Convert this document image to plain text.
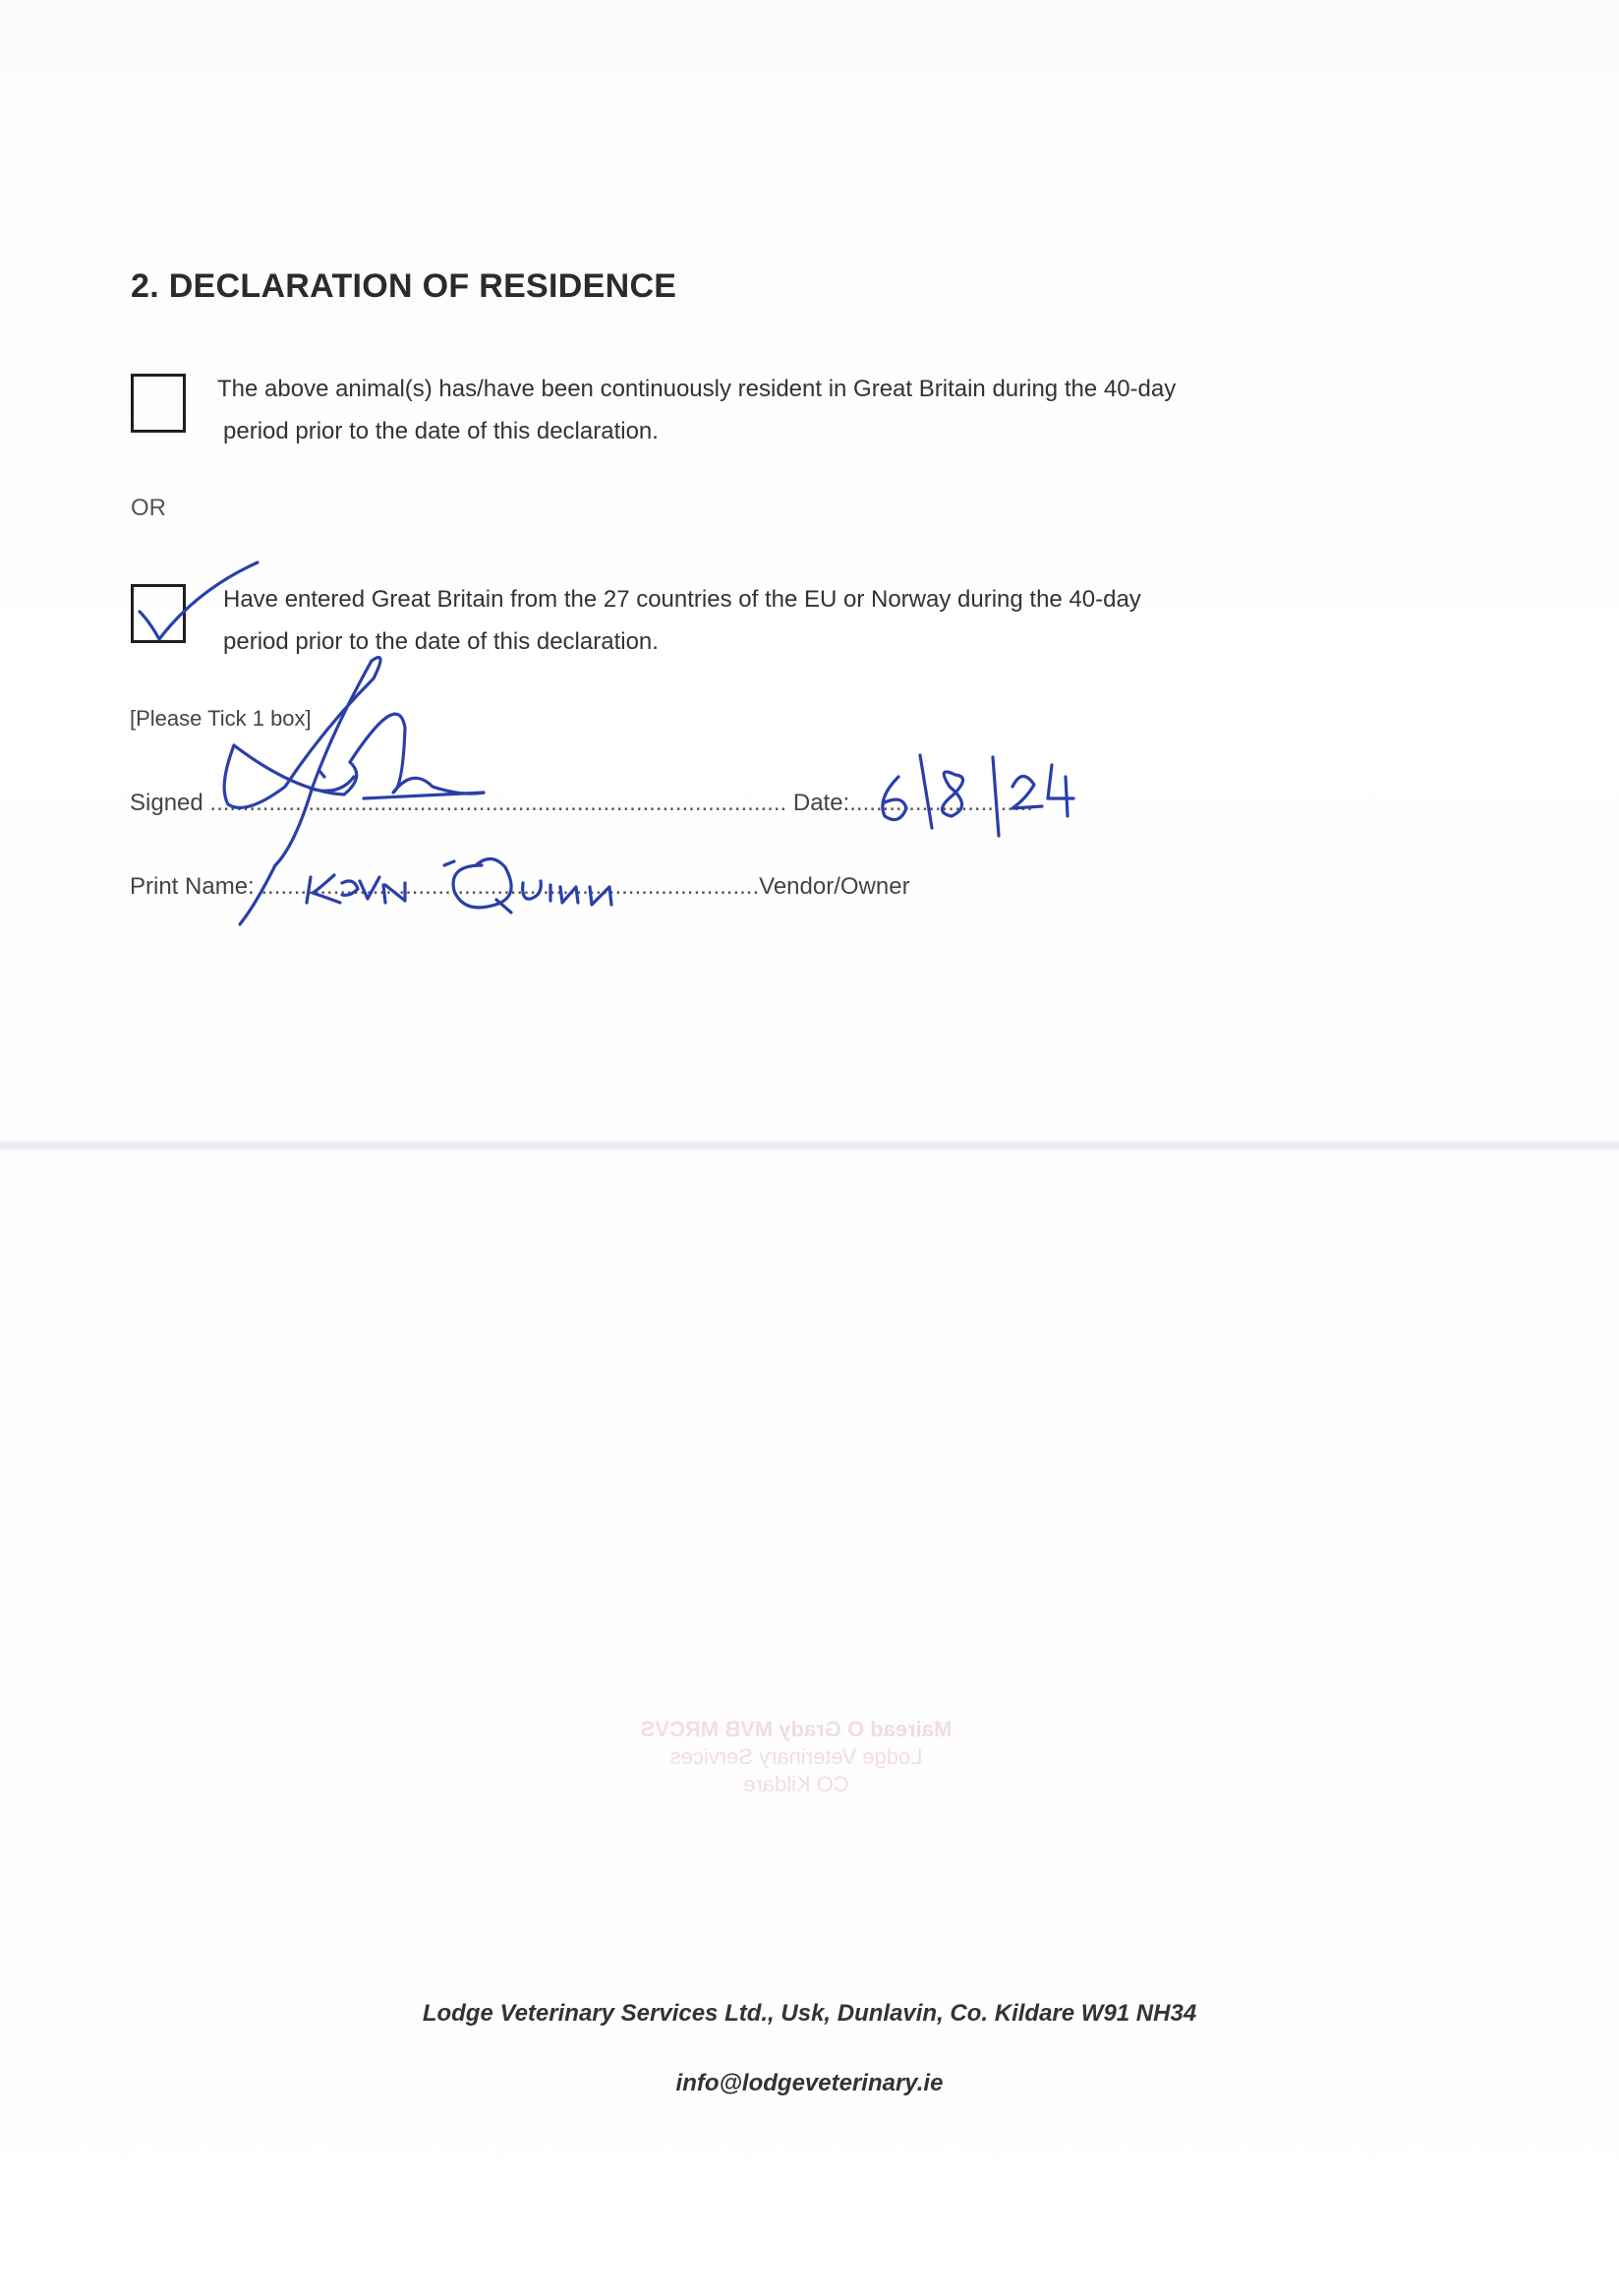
2. DECLARATION OF RESIDENCE
The above animal(s) has/have been continuously resident in Great Britain during the 40-day
period prior to the date of this declaration.
OR
Have entered Great Britain from the 27 countries of the EU or Norway during the 40-day
period prior to the date of this declaration.
[Please Tick 1 box]
Signed ........................................................................................ Date:............................
Print Name: ............................................................................Vendor/Owner
Mairead O Grady MVB MRCVS
Lodge Veterinary Services
CO Kildare
Lodge Veterinary Services Ltd., Usk, Dunlavin, Co. Kildare W91 NH34
info@lodgeveterinary.ie
